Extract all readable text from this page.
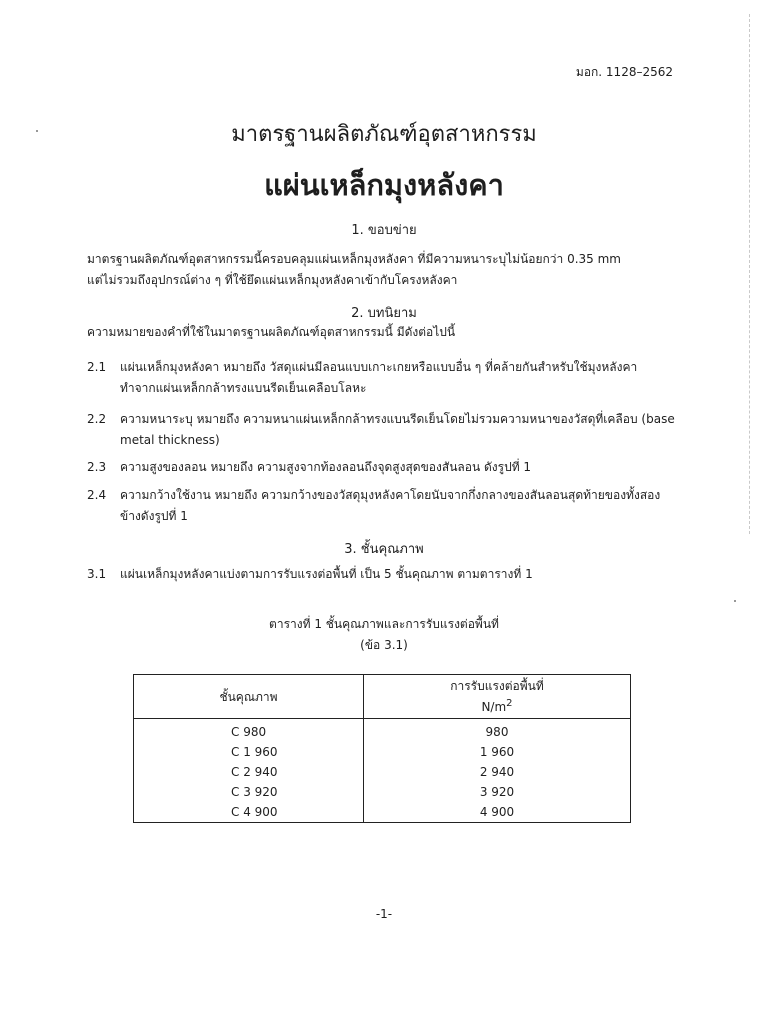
มอก. 1128–2562
มาตรฐานผลิตภัณฑ์อุตสาหกรรม
แผ่นเหล็กมุงหลังคา
1. ขอบข่าย
มาตรฐานผลิตภัณฑ์อุตสาหกรรมนี้ครอบคลุมแผ่นเหล็กมุงหลังคา ที่มีความหนาระบุไม่น้อยกว่า 0.35 mm
แต่ไม่รวมถึงอุปกรณ์ต่าง ๆ ที่ใช้ยึดแผ่นเหล็กมุงหลังคาเข้ากับโครงหลังคา
2. บทนิยาม
ความหมายของคำที่ใช้ในมาตรฐานผลิตภัณฑ์อุตสาหกรรมนี้ มีดังต่อไปนี้
2.1 แผ่นเหล็กมุงหลังคา หมายถึง วัสดุแผ่นมีลอนแบบเกาะเกยหรือแบบอื่น ๆ ที่คล้ายกันสำหรับใช้มุงหลังคา
ทำจากแผ่นเหล็กกล้าทรงแบนรีดเย็นเคลือบโลหะ
2.2 ความหนาระบุ หมายถึง ความหนาแผ่นเหล็กกล้าทรงแบนรีดเย็นโดยไม่รวมความหนาของวัสดุที่เคลือบ (base
metal thickness)
2.3 ความสูงของลอน หมายถึง ความสูงจากท้องลอนถึงจุดสูงสุดของสันลอน ดังรูปที่ 1
2.4 ความกว้างใช้งาน หมายถึง ความกว้างของวัสดุมุงหลังคาโดยนับจากกึ่งกลางของสันลอนสุดท้ายของทั้งสอง
ข้างดังรูปที่ 1
3. ชั้นคุณภาพ
3.1 แผ่นเหล็กมุงหลังคาแบ่งตามการรับแรงต่อพื้นที่ เป็น 5 ชั้นคุณภาพ ตามตารางที่ 1
ตารางที่ 1 ชั้นคุณภาพและการรับแรงต่อพื้นที่
(ข้อ 3.1)
ชั้นคุณภาพ	การรับแรงต่อพื้นที่
$N/m^2$

C 980	980
C 1 960	1 960
C 2 940	2 940
C 3 920	3 920
C 4 900	4 900
-1-
